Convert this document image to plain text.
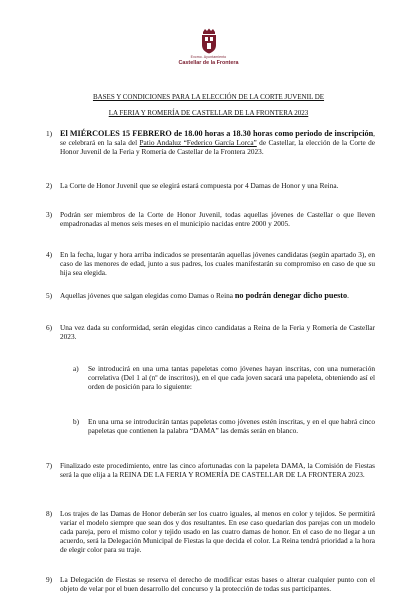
Excmo. Ayuntamiento
Castellar de la Frontera
BASES Y CONDICIONES PARA LA ELECCIÓN DE LA CORTE JUVENIL DE
LA FERIA Y ROMERÍA DE CASTELLAR DE LA FRONTERA 2023
1) El MIÉRCOLES 15 FEBRERO de 18.00 horas a 18.30 horas como periodo de inscripción, se celebrará en la sala del Patio Andaluz “Federico García Lorca” de Castellar, la elección de la Corte de Honor Juvenil de la Feria y Romería de Castellar de la Frontera 2023.
2) La Corte de Honor Juvenil que se elegirá estará compuesta por 4 Damas de Honor y una Reina.
3) Podrán ser miembros de la Corte de Honor Juvenil, todas aquellas jóvenes de Castellar o que lleven empadronadas al menos seis meses en el municipio nacidas entre 2000 y 2005.
4) En la fecha, lugar y hora arriba indicados se presentarán aquellas jóvenes candidatas (según apartado 3), en caso de las menores de edad, junto a sus padres, los cuales manifestarán su compromiso en caso de que su hija sea elegida.
5) Aquellas jóvenes que salgan elegidas como Damas o Reina no podrán denegar dicho puesto.
6) Una vez dada su conformidad, serán elegidas cinco candidatas a Reina de la Feria y Romería de Castellar 2023.
a) Se introducirá en una urna tantas papeletas como jóvenes hayan inscritas, con una numeración correlativa (Del 1 al (nº de inscritos)), en el que cada joven sacará una papeleta, obteniendo así el orden de posición para lo siguiente:
b) En una urna se introducirán tantas papeletas como jóvenes estén inscritas, y en el que habrá cinco papeletas que contienen la palabra “DAMA” las demás serán en blanco.
7) Finalizado este procedimiento, entre las cinco afortunadas con la papeleta DAMA, la Comisión de Fiestas será la que elija a la REINA DE LA FERIA Y ROMERÍA DE CASTELLAR DE LA FRONTERA 2023.
8) Los trajes de las Damas de Honor deberán ser los cuatro iguales, al menos en color y tejidos. Se permitirá variar el modelo siempre que sean dos y dos resultantes. En ese caso quedarían dos parejas con un modelo cada pareja, pero el mismo color y tejido usado en las cuatro damas de honor. En el caso de no llegar a un acuerdo, será la Delegación Municipal de Fiestas la que decida el color. La Reina tendrá prioridad a la hora de elegir color para su traje.
9) La Delegación de Fiestas se reserva el derecho de modificar estas bases o alterar cualquier punto con el objeto de velar por el buen desarrollo del concurso y la protección de todas sus participantes.
